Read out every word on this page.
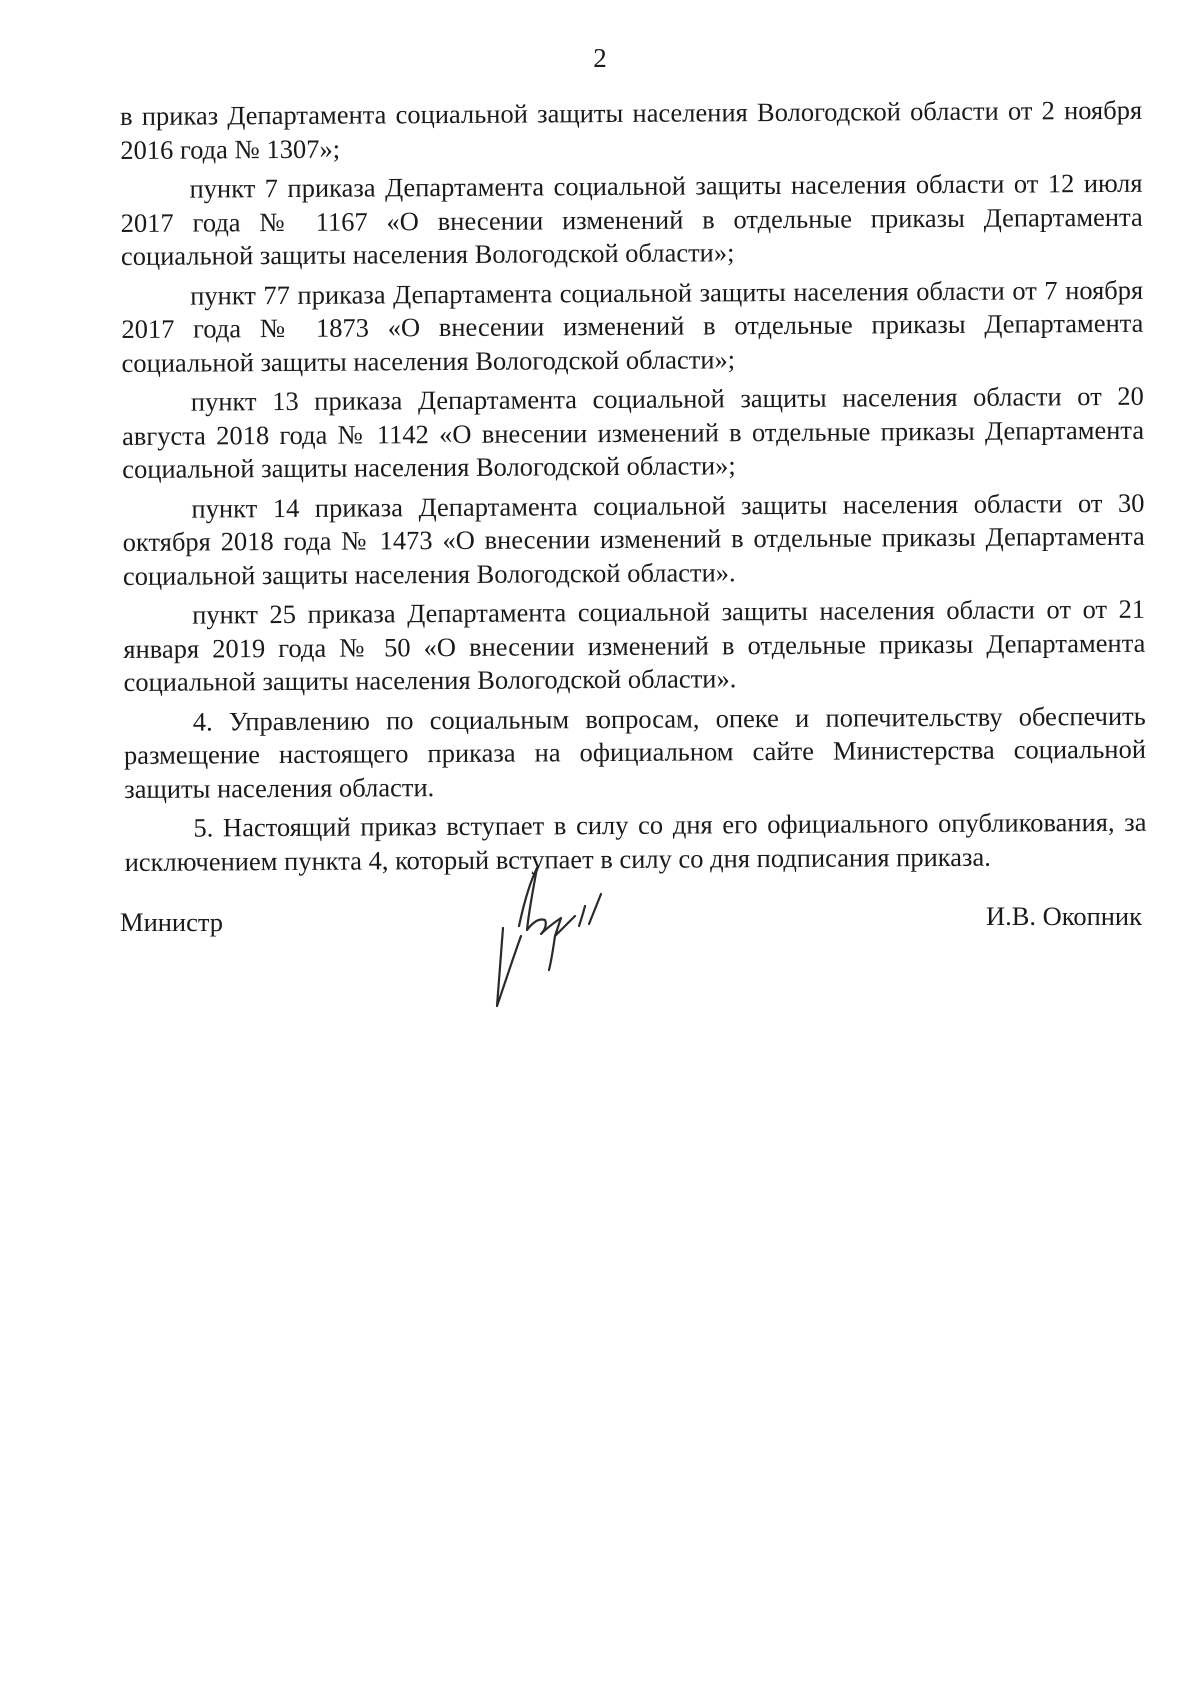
2

в приказ Департамента социальной защиты населения Вологодской области от 2 ноября 2016 года № 1307»;

пункт 7 приказа Департамента социальной защиты населения области от 12 июля 2017 года № 1167 «О внесении изменений в отдельные приказы Департамента социальной защиты населения Вологодской области»;

пункт 77 приказа Департамента социальной защиты населения области от 7 ноября 2017 года № 1873 «О внесении изменений в отдельные приказы Департамента социальной защиты населения Вологодской области»;

пункт 13 приказа Департамента социальной защиты населения области от 20 августа 2018 года № 1142 «О внесении изменений в отдельные приказы Департамента социальной защиты населения Вологодской области»;

пункт 14 приказа Департамента социальной защиты населения области от 30 октября 2018 года № 1473 «О внесении изменений в отдельные приказы Департамента социальной защиты населения Вологодской области».

пункт 25 приказа Департамента социальной защиты населения области от от 21 января 2019 года № 50 «О внесении изменений в отдельные приказы Департамента социальной защиты населения Вологодской области».

4. Управлению по социальным вопросам, опеке и попечительству обеспечить размещение настоящего приказа на официальном сайте Министерства социальной защиты населения области.

5. Настоящий приказ вступает в силу со дня его официального опубликования, за исключением пункта 4, который вступает в силу со дня подписания приказа.

Министр	И.В. Окопник
